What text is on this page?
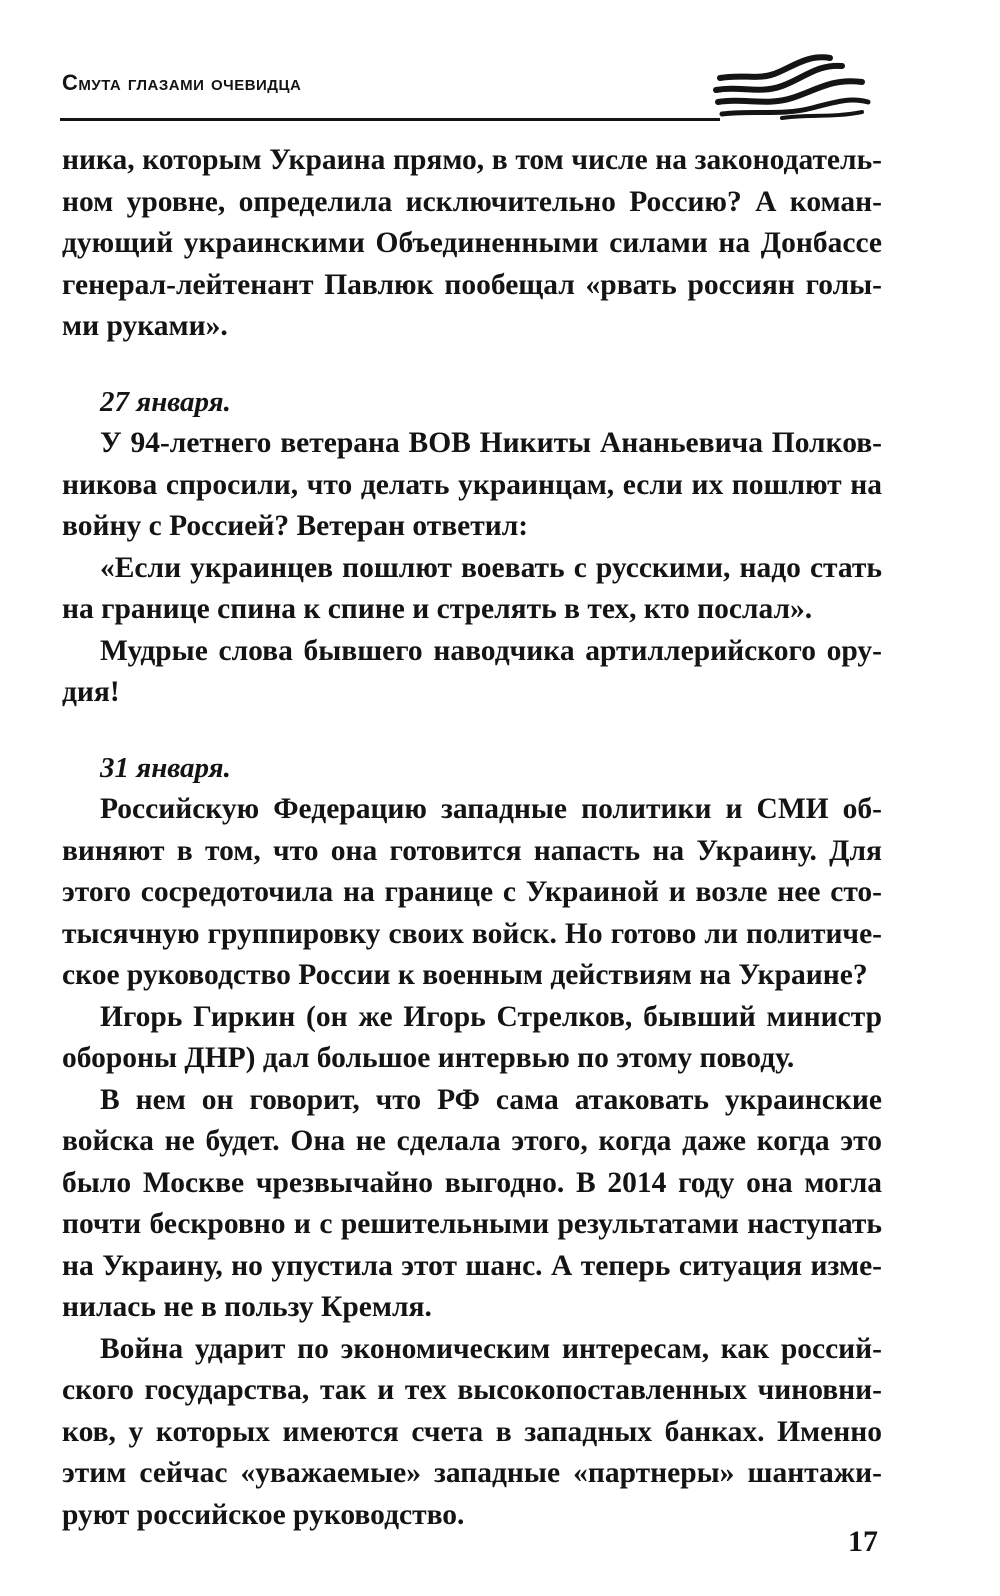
Смута глазами очевидца
ника, которым Украина прямо, в том числе на законодатель-
ном уровне, определила исключительно Россию? А коман-
дующий украинскими Объединенными силами на Донбассе
генерал-лейтенант Павлюк пообещал «рвать россиян голы-
ми руками».
27 января.
У 94-летнего ветерана ВОВ Никиты Ананьевича Полков-
никова спросили, что делать украинцам, если их пошлют на
войну с Россией? Ветеран ответил:
«Если украинцев пошлют воевать с русскими, надо стать
на границе спина к спине и стрелять в тех, кто послал».
Мудрые слова бывшего наводчика артиллерийского ору-
дия!
31 января.
Российскую Федерацию западные политики и СМИ об-
виняют в том, что она готовится напасть на Украину. Для
этого сосредоточила на границе с Украиной и возле нее сто-
тысячную группировку своих войск. Но готово ли политиче-
ское руководство России к военным действиям на Украине?
Игорь Гиркин (он же Игорь Стрелков, бывший министр
обороны ДНР) дал большое интервью по этому поводу.
В нем он говорит, что РФ сама атаковать украинские
войска не будет. Она не сделала этого, когда даже когда это
было Москве чрезвычайно выгодно. В 2014 году она могла
почти бескровно и с решительными результатами наступать
на Украину, но упустила этот шанс. А теперь ситуация изме-
нилась не в пользу Кремля.
Война ударит по экономическим интересам, как россий-
ского государства, так и тех высокопоставленных чиновни-
ков, у которых имеются счета в западных банках. Именно
этим сейчас «уважаемые» западные «партнеры» шантажи-
руют российское руководство.
17
